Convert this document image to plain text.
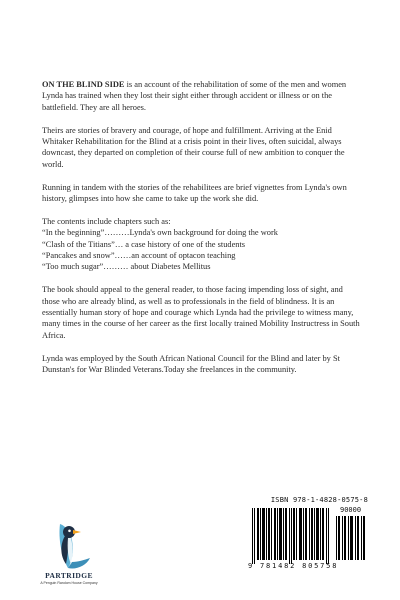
ON THE BLIND SIDE is an account of the rehabilitation of some of the men and women Lynda has trained when they lost their sight either through accident or illness or on the battlefield. They are all heroes.

Theirs are stories of bravery and courage, of hope and fulfillment. Arriving at the Enid Whitaker Rehabilitation for the Blind at a crisis point in their lives, often suicidal, always downcast, they departed on completion of their course full of new ambition to conquer the world.

Running in tandem with the stories of the rehabilitees are brief vignettes from Lynda's own history, glimpses into how she came to take up the work she did.

The contents include chapters such as:
“In the beginning”………Lynda's own background for doing the work
“Clash of the Titians”… a case history of one of the students
“Pancakes and snow”……an account of optacon teaching
“Too much sugar”……… about Diabetes Mellitus

The book should appeal to the general reader, to those facing impending loss of sight, and those who are already blind, as well as to professionals in the field of blindness. It is an essentially human story of hope and courage which Lynda had the privilege to witness many, many times in the course of her career as the first locally trained Mobility Instructress in South Africa.

Lynda was employed by the South African National Council for the Blind and later by St Dunstan's for War Blinded Veterans.Today she freelances in the community.

PARTRIDGE
A Penguin Random House Company
ISBN 978-1-4828-0575-8
90000
9 781482 805758
